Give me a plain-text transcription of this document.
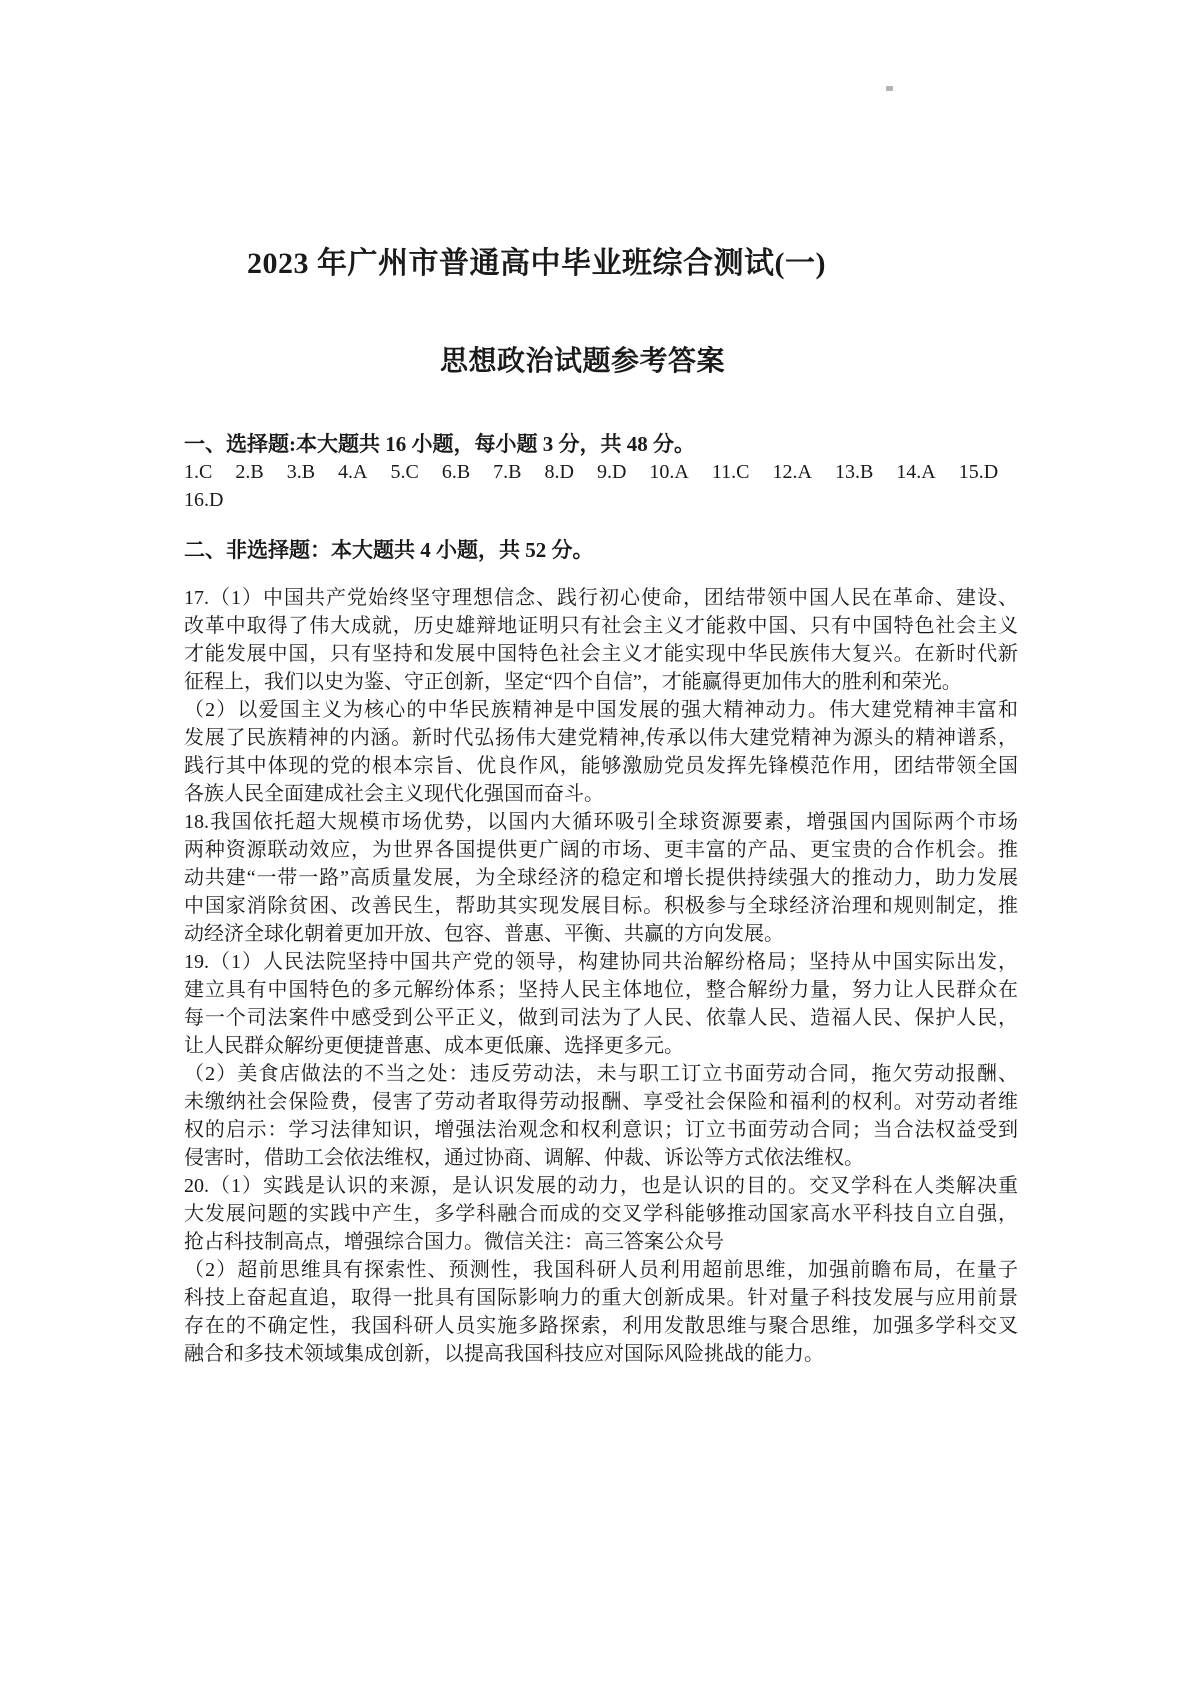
2023 年广州市普通高中毕业班综合测试(一)
思想政治试题参考答案
一、选择题:本大题共 16 小题，每小题 3 分，共 48 分。
1.C 2.B 3.B 4.A 5.C 6.B 7.B 8.D 9.D 10.A 11.C 12.A 13.B 14.A 15.D
16.D
二、非选择题：本大题共 4 小题，共 52 分。
17.（1）中国共产党始终坚守理想信念、践行初心使命，团结带领中国人民在革命、建设、
改革中取得了伟大成就，历史雄辩地证明只有社会主义才能救中国、只有中国特色社会主义
才能发展中国，只有坚持和发展中国特色社会主义才能实现中华民族伟大复兴。在新时代新
征程上，我们以史为鉴、守正创新，坚定“四个自信”，才能赢得更加伟大的胜利和荣光。
（2）以爱国主义为核心的中华民族精神是中国发展的强大精神动力。伟大建党精神丰富和
发展了民族精神的内涵。新时代弘扬伟大建党精神,传承以伟大建党精神为源头的精神谱系，
践行其中体现的党的根本宗旨、优良作风，能够激励党员发挥先锋模范作用，团结带领全国
各族人民全面建成社会主义现代化强国而奋斗。
18.我国依托超大规模市场优势，以国内大循环吸引全球资源要素，增强国内国际两个市场
两种资源联动效应，为世界各国提供更广阔的市场、更丰富的产品、更宝贵的合作机会。推
动共建“一带一路”高质量发展，为全球经济的稳定和增长提供持续强大的推动力，助力发展
中国家消除贫困、改善民生，帮助其实现发展目标。积极参与全球经济治理和规则制定，推
动经济全球化朝着更加开放、包容、普惠、平衡、共赢的方向发展。
19.（1）人民法院坚持中国共产党的领导，构建协同共治解纷格局；坚持从中国实际出发，
建立具有中国特色的多元解纷体系；坚持人民主体地位，整合解纷力量，努力让人民群众在
每一个司法案件中感受到公平正义，做到司法为了人民、依靠人民、造福人民、保护人民，
让人民群众解纷更便捷普惠、成本更低廉、选择更多元。
（2）美食店做法的不当之处：违反劳动法，未与职工订立书面劳动合同，拖欠劳动报酬、
未缴纳社会保险费，侵害了劳动者取得劳动报酬、享受社会保险和福利的权利。对劳动者维
权的启示：学习法律知识，增强法治观念和权利意识；订立书面劳动合同；当合法权益受到
侵害时，借助工会依法维权，通过协商、调解、仲裁、诉讼等方式依法维权。
20.（1）实践是认识的来源，是认识发展的动力，也是认识的目的。交叉学科在人类解决重
大发展问题的实践中产生，多学科融合而成的交叉学科能够推动国家高水平科技自立自强，
抢占科技制高点，增强综合国力。微信关注：高三答案公众号
（2）超前思维具有探索性、预测性，我国科研人员利用超前思维，加强前瞻布局，在量子
科技上奋起直追，取得一批具有国际影响力的重大创新成果。针对量子科技发展与应用前景
存在的不确定性，我国科研人员实施多路探索，利用发散思维与聚合思维，加强多学科交叉
融合和多技术领域集成创新，以提高我国科技应对国际风险挑战的能力。
